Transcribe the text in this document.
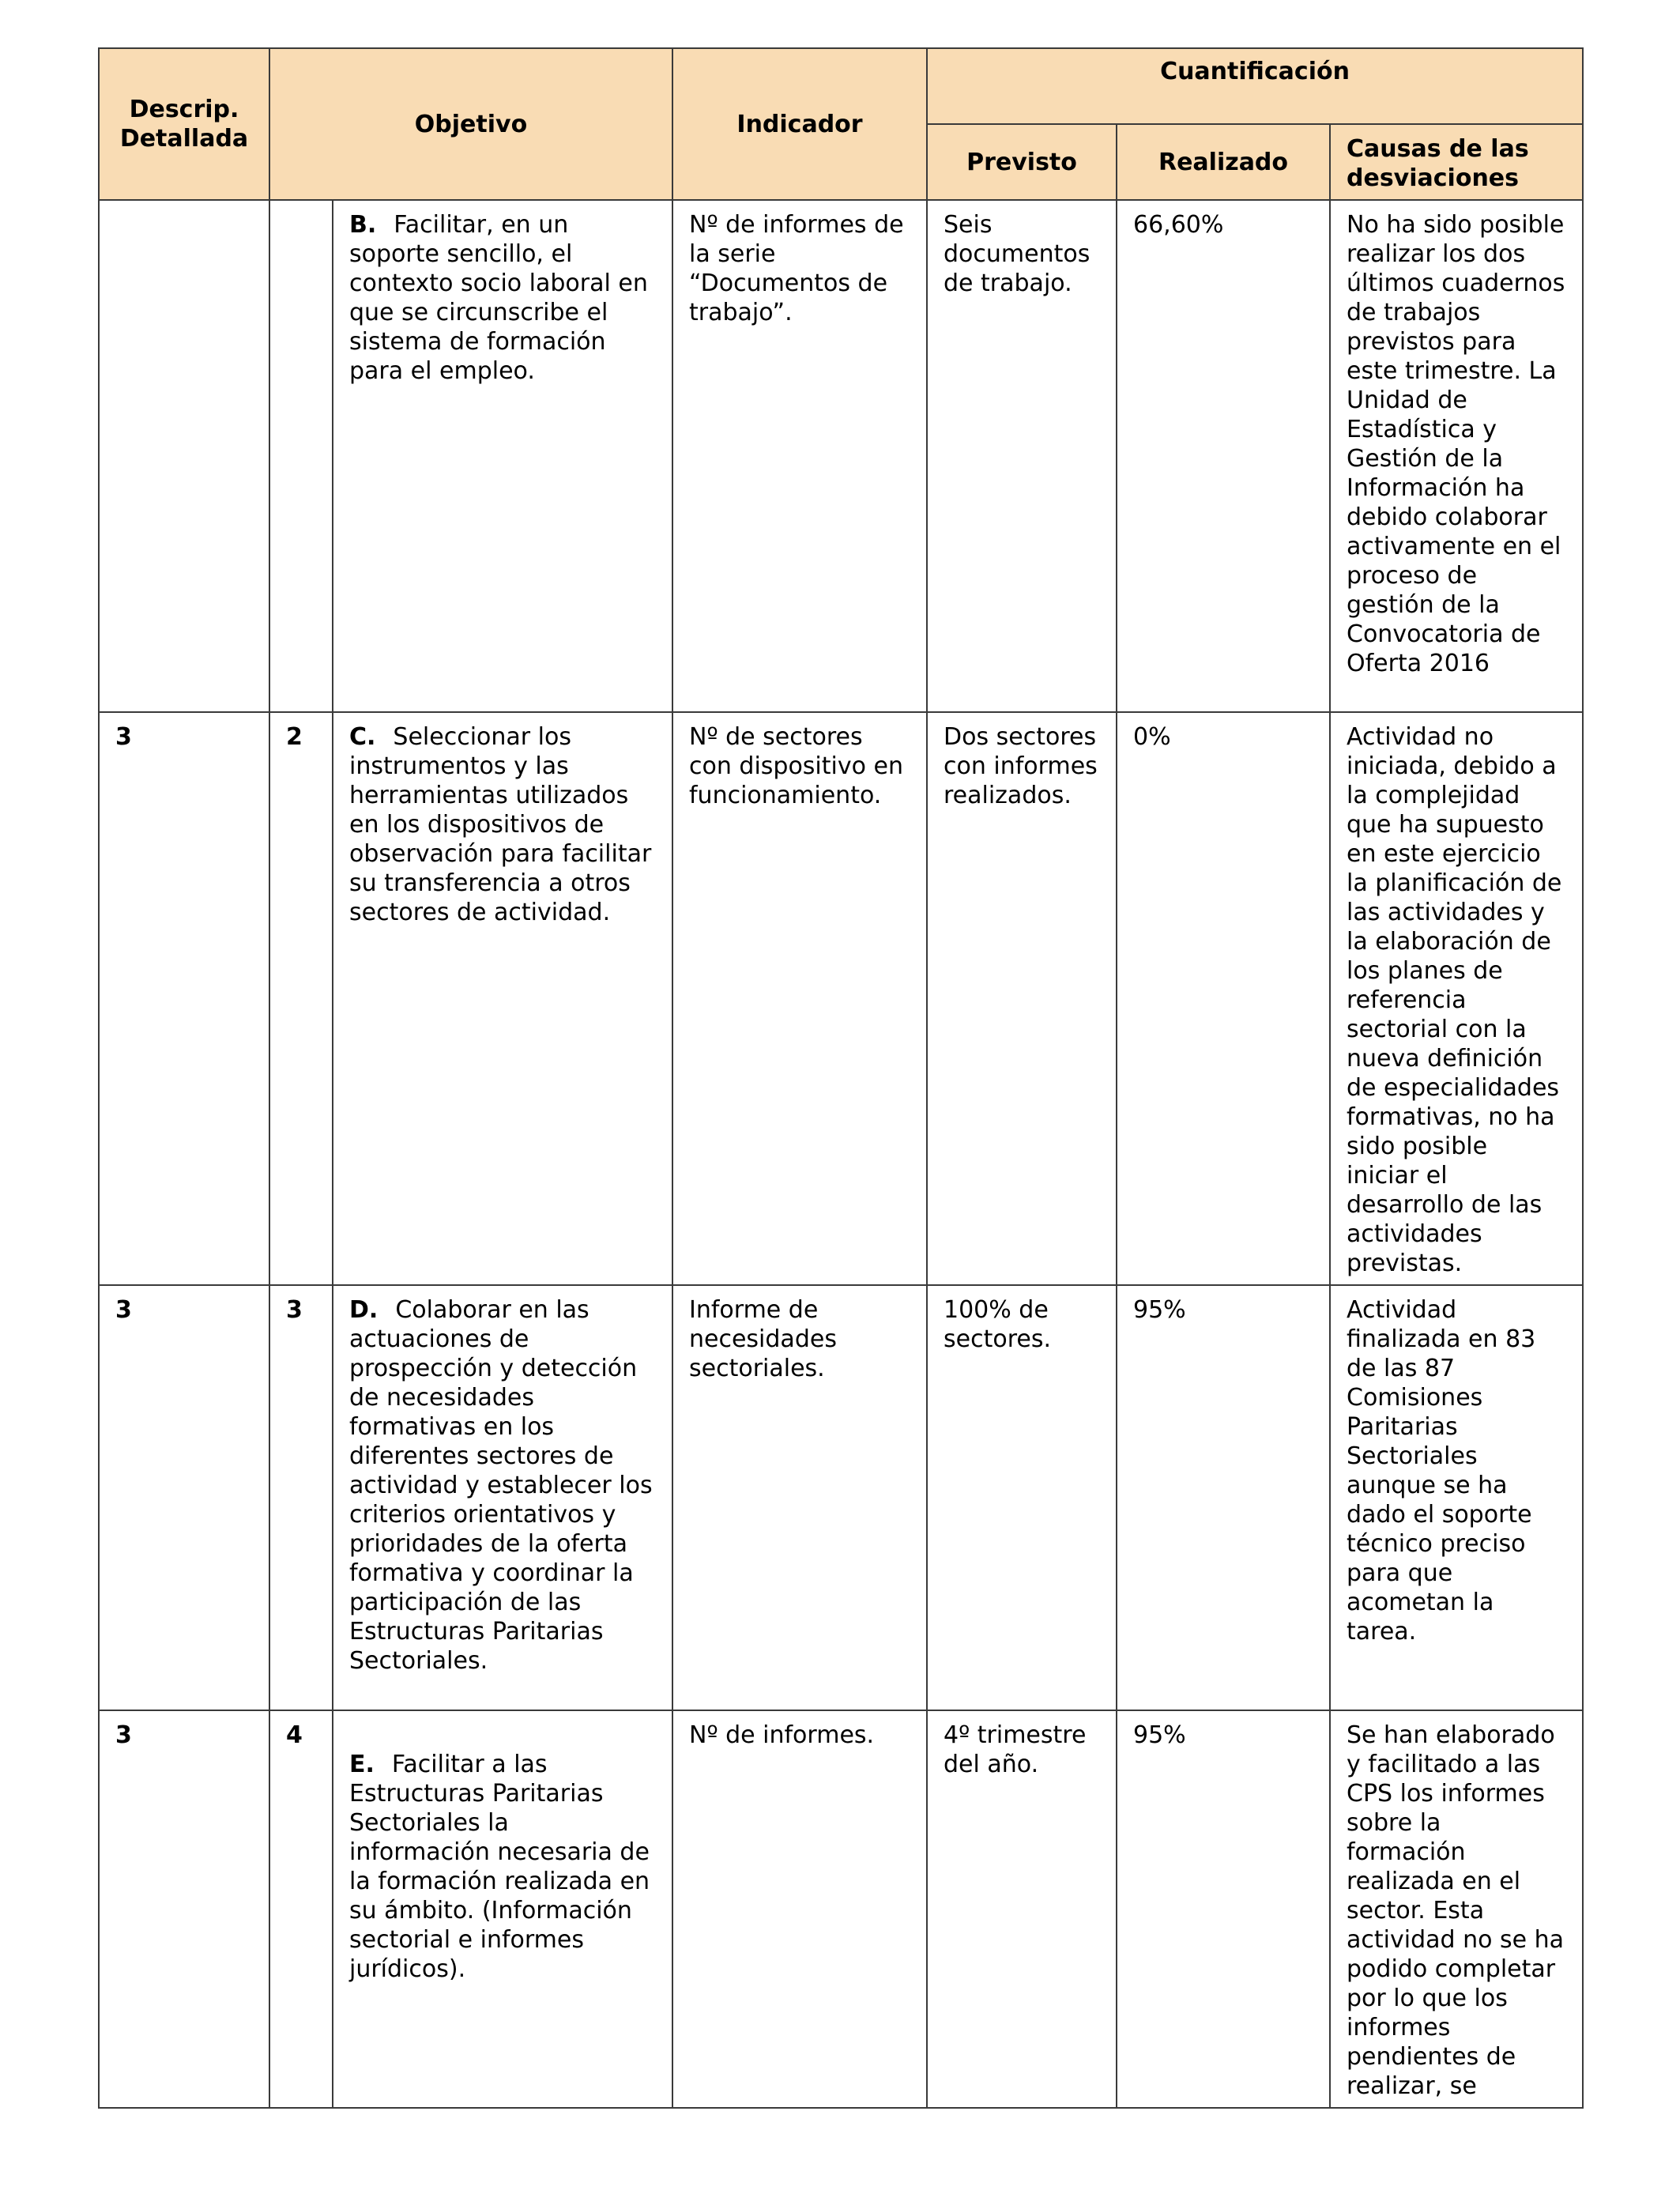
Descrip. Detallada	Objetivo		Indicador	Cuantificación		
				Previsto	Realizado	Causas de las desviaciones
		B. Facilitar, en un soporte sencillo, el contexto socio laboral en que se circunscribe el sistema de formación para el empleo.	Nº de informes de la serie “Documentos de trabajo”.	Seis documentos de trabajo.	66,60%	No ha sido posible realizar los dos últimos cuadernos de trabajos previstos para este trimestre. La Unidad de Estadística y Gestión de la Información ha debido colaborar activamente en el proceso de gestión de la Convocatoria de Oferta 2016
3	2	C. Seleccionar los instrumentos y las herramientas utilizados en los dispositivos de observación para facilitar su transferencia a otros sectores de actividad.	Nº de sectores con dispositivo en funcionamiento.	Dos sectores con informes realizados.	0%	Actividad no iniciada, debido a la complejidad que ha supuesto en este ejercicio la planificación de las actividades y la elaboración de los planes de referencia sectorial con la nueva definición de especialidades formativas, no ha sido posible iniciar el desarrollo de las actividades previstas.
3	3	D. Colaborar en las actuaciones de prospección y detección de necesidades formativas en los diferentes sectores de actividad y establecer los criterios orientativos y prioridades de la oferta formativa y coordinar la participación de las Estructuras Paritarias Sectoriales.	Informe de necesidades sectoriales.	100% de sectores.	95%	Actividad finalizada en 83 de las 87 Comisiones Paritarias Sectoriales aunque se ha dado el soporte técnico preciso para que acometan la tarea.
3	4	E. Facilitar a las Estructuras Paritarias Sectoriales la información necesaria de la formación realizada en su ámbito. (Información sectorial e informes jurídicos).	Nº de informes.	4º trimestre del año.	95%	Se han elaborado y facilitado a las CPS los informes sobre la formación realizada en el sector. Esta actividad no se ha podido completar por lo que los informes pendientes de realizar, se
